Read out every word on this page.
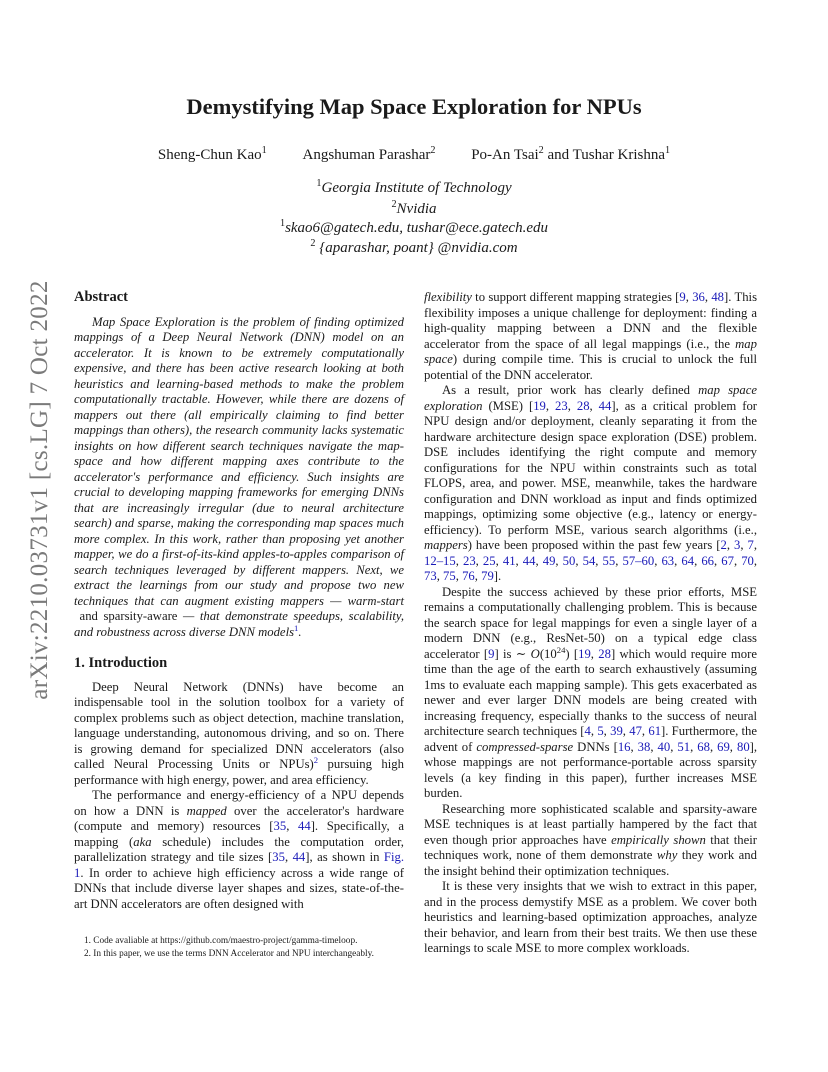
arXiv:2210.03731v1 [cs.LG] 7 Oct 2022
Demystifying Map Space Exploration for NPUs
Sheng-Chun Kao$^1$ Angshuman Parashar$^2$ Po-An Tsai$^2$ and Tushar Krishna$^1$
$^1$Georgia Institute of Technology
$^2$Nvidia
$^1$skao6@gatech.edu, tushar@ece.gatech.edu
$^2$ {aparashar, poant} @nvidia.com
Abstract

Map Space Exploration is the problem of finding optimized mappings of a Deep Neural Network (DNN) model on an accelerator. It is known to be extremely computationally expensive, and there has been active research looking at both heuristics and learning-based methods to make the problem computationally tractable. However, while there are dozens of mappers out there (all empirically claiming to find better mappings than others), the research community lacks systematic insights on how different search techniques navigate the map-space and how different mapping axes contribute to the accelerator's performance and efficiency. Such insights are crucial to developing mapping frameworks for emerging DNNs that are increasingly irregular (due to neural architecture search) and sparse, making the corresponding map spaces much more complex. In this work, rather than proposing yet another mapper, we do a first-of-its-kind apples-to-apples comparison of search techniques leveraged by different mappers. Next, we extract the learnings from our study and propose two new techniques that can augment existing mappers — warm-start and sparsity-aware — that demonstrate speedups, scalability, and robustness across diverse DNN models$^1$.

1. Introduction

Deep Neural Network (DNNs) have become an indispensable tool in the solution toolbox for a variety of complex problems such as object detection, machine translation, language understanding, autonomous driving, and so on. There is growing demand for specialized DNN accelerators (also called Neural Processing Units or NPUs)$^2$ pursuing high performance with high energy, power, and area efficiency.

The performance and energy-efficiency of a NPU depends on how a DNN is mapped over the accelerator's hardware (compute and memory) resources [35, 44]. Specifically, a mapping (aka schedule) includes the computation order, parallelization strategy and tile sizes [35, 44], as shown in Fig. 1. In order to achieve high efficiency across a wide range of DNNs that include diverse layer shapes and sizes, state-of-the-art DNN accelerators are often designed with

1. Code avaliable at https://github.com/maestro-project/gamma-timeloop.

2. In this paper, we use the terms DNN Accelerator and NPU interchangeably.

flexibility to support different mapping strategies [9, 36, 48]. This flexibility imposes a unique challenge for deployment: finding a high-quality mapping between a DNN and the flexible accelerator from the space of all legal mappings (i.e., the map space) during compile time. This is crucial to unlock the full potential of the DNN accelerator.

As a result, prior work has clearly defined map space exploration (MSE) [19, 23, 28, 44], as a critical problem for NPU design and/or deployment, cleanly separating it from the hardware architecture design space exploration (DSE) problem. DSE includes identifying the right compute and memory configurations for the NPU within constraints such as total FLOPS, area, and power. MSE, meanwhile, takes the hardware configuration and DNN workload as input and finds optimized mappings, optimizing some objective (e.g., latency or energy-efficiency). To perform MSE, various search algorithms (i.e., mappers) have been proposed within the past few years [2, 3, 7, 12–15, 23, 25, 41, 44, 49, 50, 54, 55, 57–60, 63, 64, 66, 67, 70, 73, 75, 76, 79].

Despite the success achieved by these prior efforts, MSE remains a computationally challenging problem. This is because the search space for legal mappings for even a single layer of a modern DNN (e.g., ResNet-50) on a typical edge class accelerator [9] is ∼ $O(10^{24})$ [19, 28] which would require more time than the age of the earth to search exhaustively (assuming 1ms to evaluate each mapping sample). This gets exacerbated as newer and ever larger DNN models are being created with increasing frequency, especially thanks to the success of neural architecture search techniques [4, 5, 39, 47, 61]. Furthermore, the advent of compressed-sparse DNNs [16, 38, 40, 51, 68, 69, 80], whose mappings are not performance-portable across sparsity levels (a key finding in this paper), further increases MSE burden.

Researching more sophisticated scalable and sparsity-aware MSE techniques is at least partially hampered by the fact that even though prior approaches have empirically shown that their techniques work, none of them demonstrate why they work and the insight behind their optimization techniques.

It is these very insights that we wish to extract in this paper, and in the process demystify MSE as a problem. We cover both heuristics and learning-based optimization approaches, analyze their behavior, and learn from their best traits. We then use these learnings to scale MSE to more complex workloads.
